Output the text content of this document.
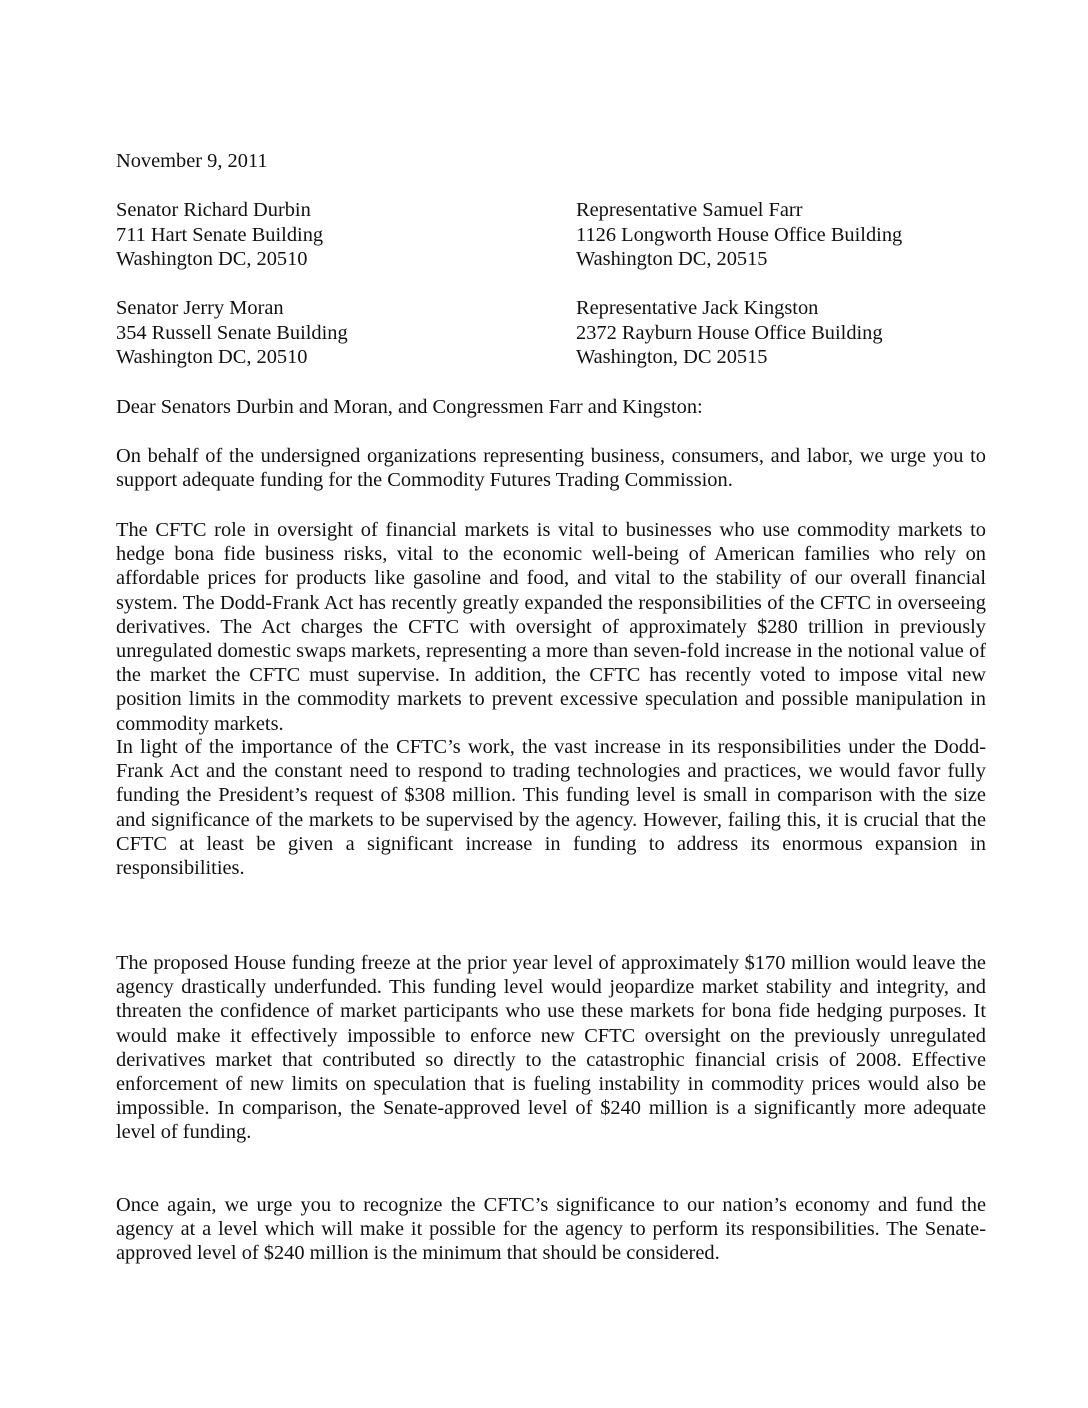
November 9, 2011
Senator Richard Durbin
711 Hart Senate Building
Washington DC, 20510
Representative Samuel Farr
1126 Longworth House Office Building
Washington DC, 20515
Senator Jerry Moran
354 Russell Senate Building
Washington DC, 20510
Representative Jack Kingston
2372 Rayburn House Office Building
Washington, DC 20515
Dear Senators Durbin and Moran, and Congressmen Farr and Kingston:

On behalf of the undersigned organizations representing business, consumers, and labor, we urge you to support adequate funding for the Commodity Futures Trading Commission.

The CFTC role in oversight of financial markets is vital to businesses who use commodity markets to hedge bona fide business risks, vital to the economic well-being of American families who rely on affordable prices for products like gasoline and food, and vital to the stability of our overall financial system. The Dodd-Frank Act has recently greatly expanded the responsibilities of the CFTC in overseeing derivatives. The Act charges the CFTC with oversight of approximately $280 trillion in previously unregulated domestic swaps markets, representing a more than seven-fold increase in the notional value of the market the CFTC must supervise. In addition, the CFTC has recently voted to impose vital new position limits in the commodity markets to prevent excessive speculation and possible manipulation in commodity markets.

In light of the importance of the CFTC’s work, the vast increase in its responsibilities under the Dodd-Frank Act and the constant need to respond to trading technologies and practices, we would favor fully funding the President’s request of $308 million. This funding level is small in comparison with the size and significance of the markets to be supervised by the agency. However, failing this, it is crucial that the CFTC at least be given a significant increase in funding to address its enormous expansion in responsibilities.

The proposed House funding freeze at the prior year level of approximately $170 million would leave the agency drastically underfunded. This funding level would jeopardize market stability and integrity, and threaten the confidence of market participants who use these markets for bona fide hedging purposes. It would make it effectively impossible to enforce new CFTC oversight on the previously unregulated derivatives market that contributed so directly to the catastrophic financial crisis of 2008. Effective enforcement of new limits on speculation that is fueling instability in commodity prices would also be impossible. In comparison, the Senate-approved level of $240 million is a significantly more adequate level of funding.

Once again, we urge you to recognize the CFTC’s significance to our nation’s economy and fund the agency at a level which will make it possible for the agency to perform its responsibilities. The Senate-approved level of $240 million is the minimum that should be considered.
